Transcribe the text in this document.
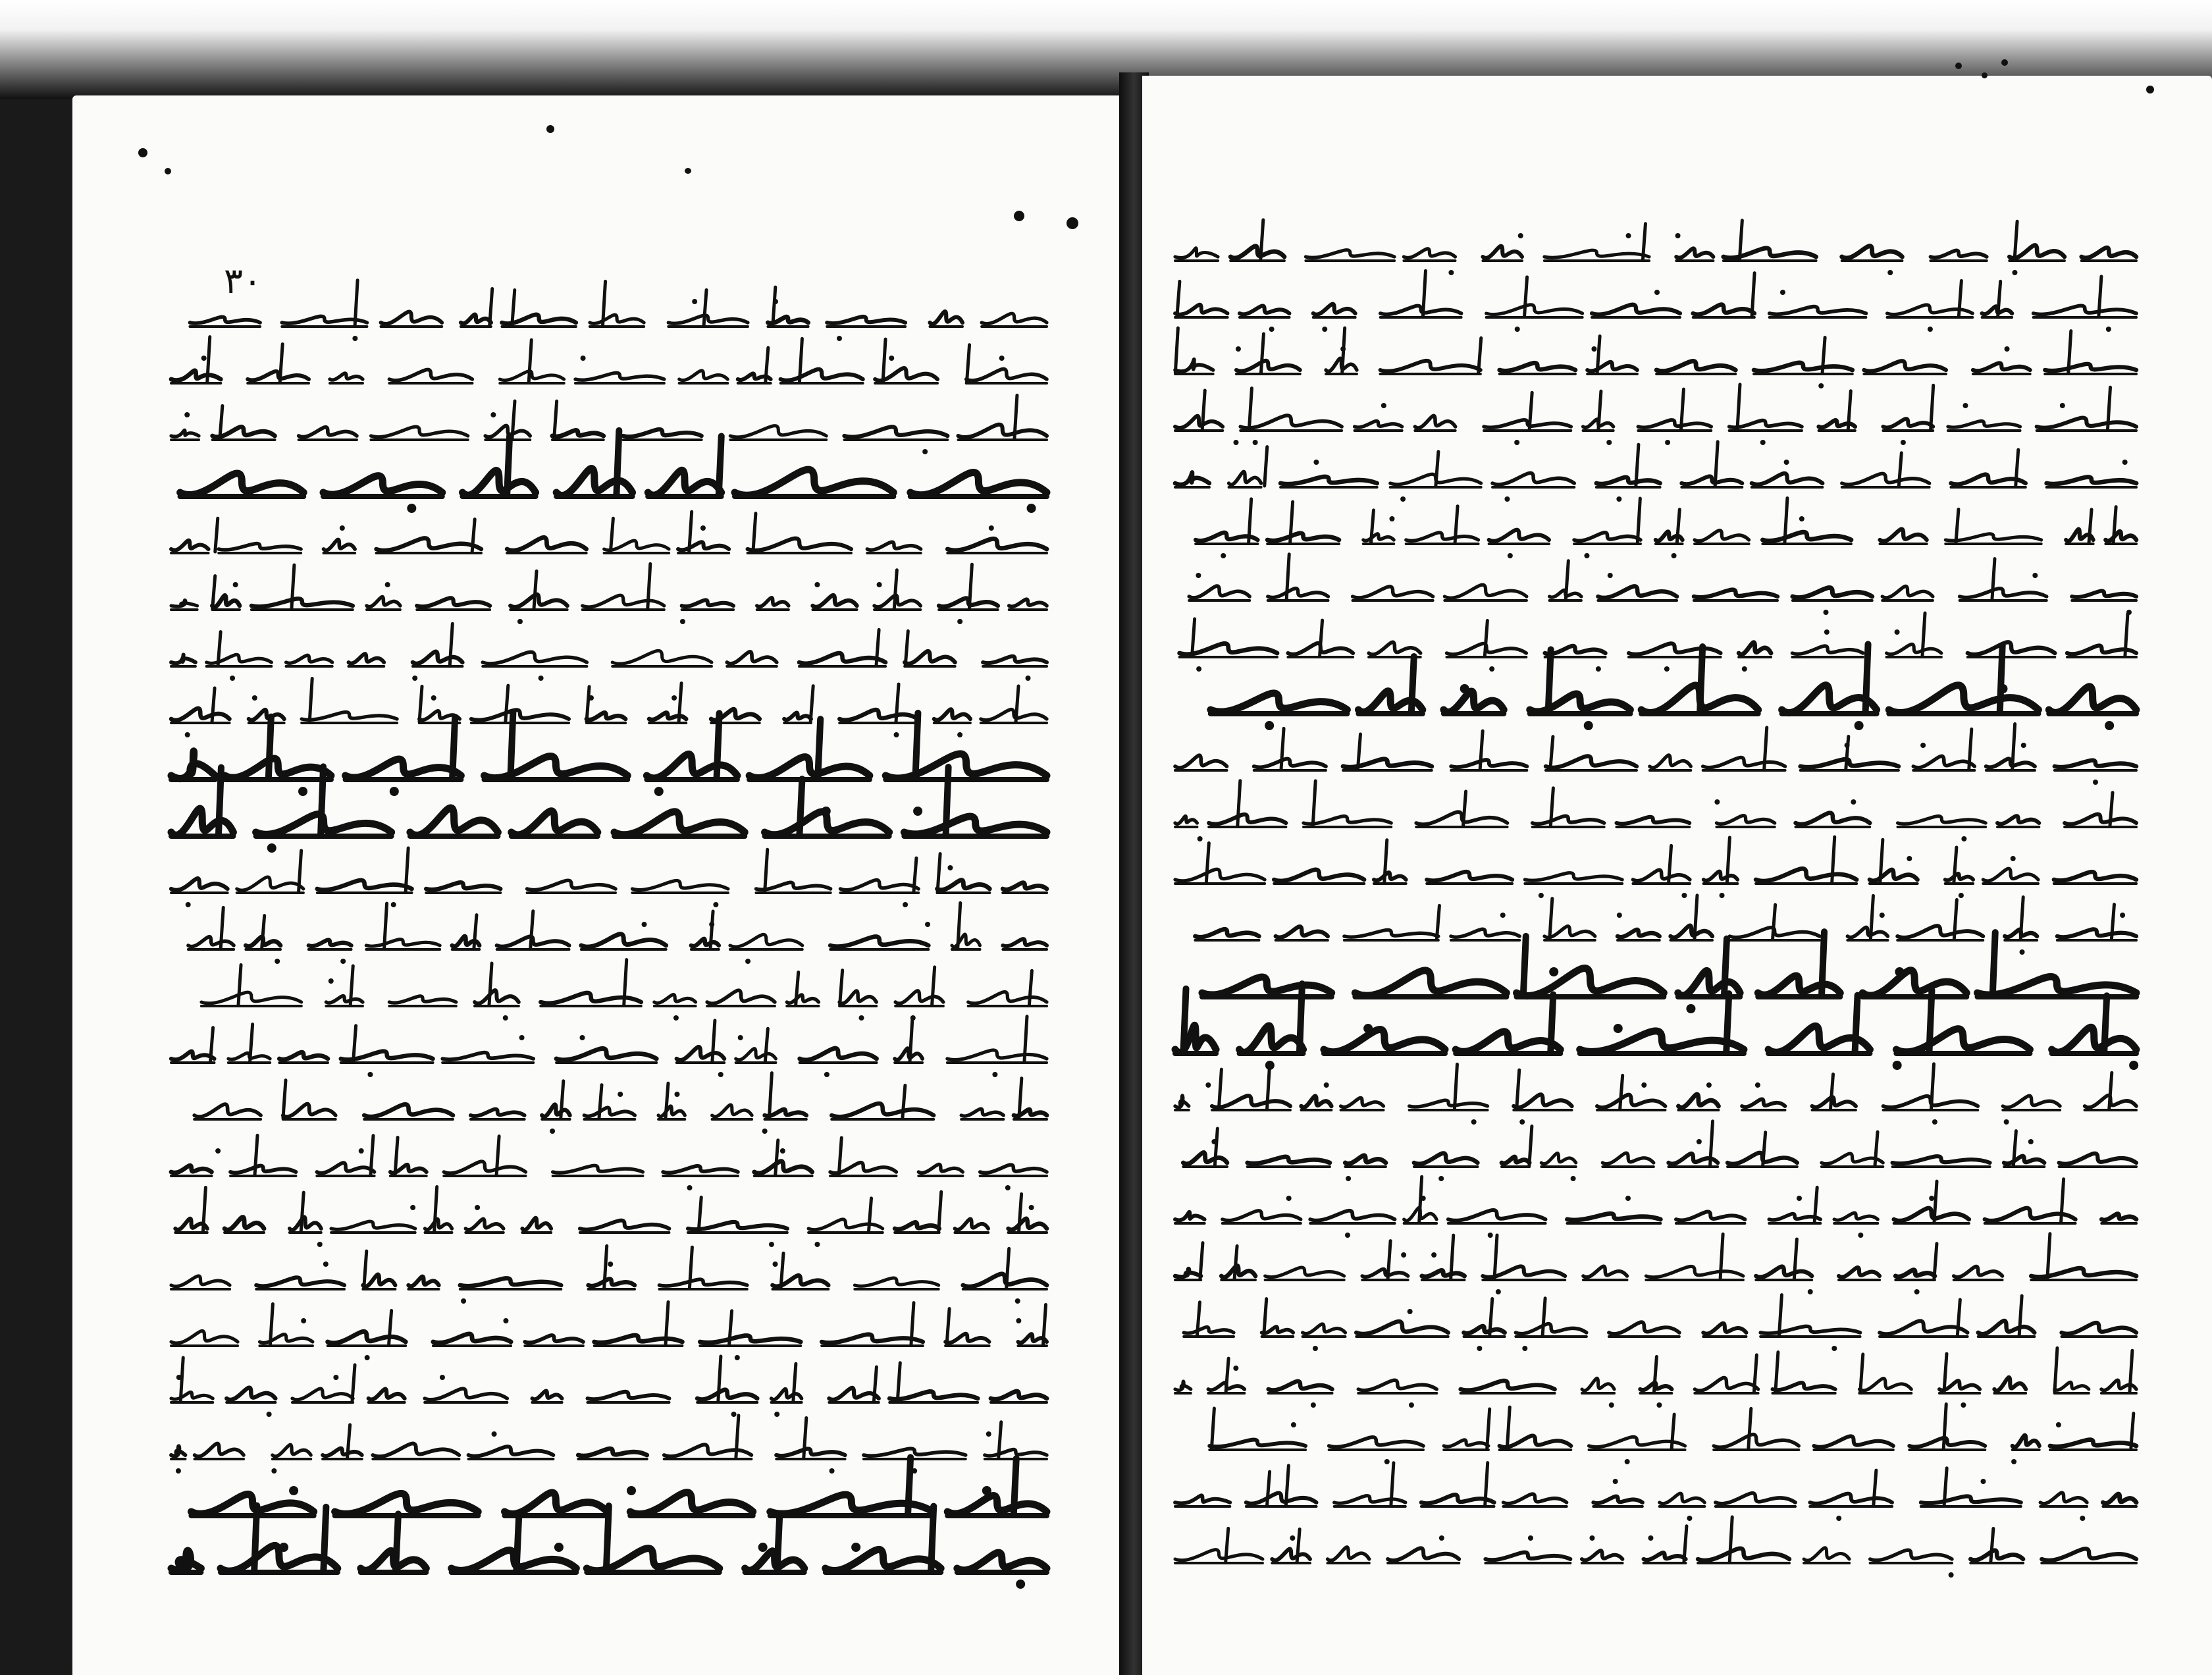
٣٠
